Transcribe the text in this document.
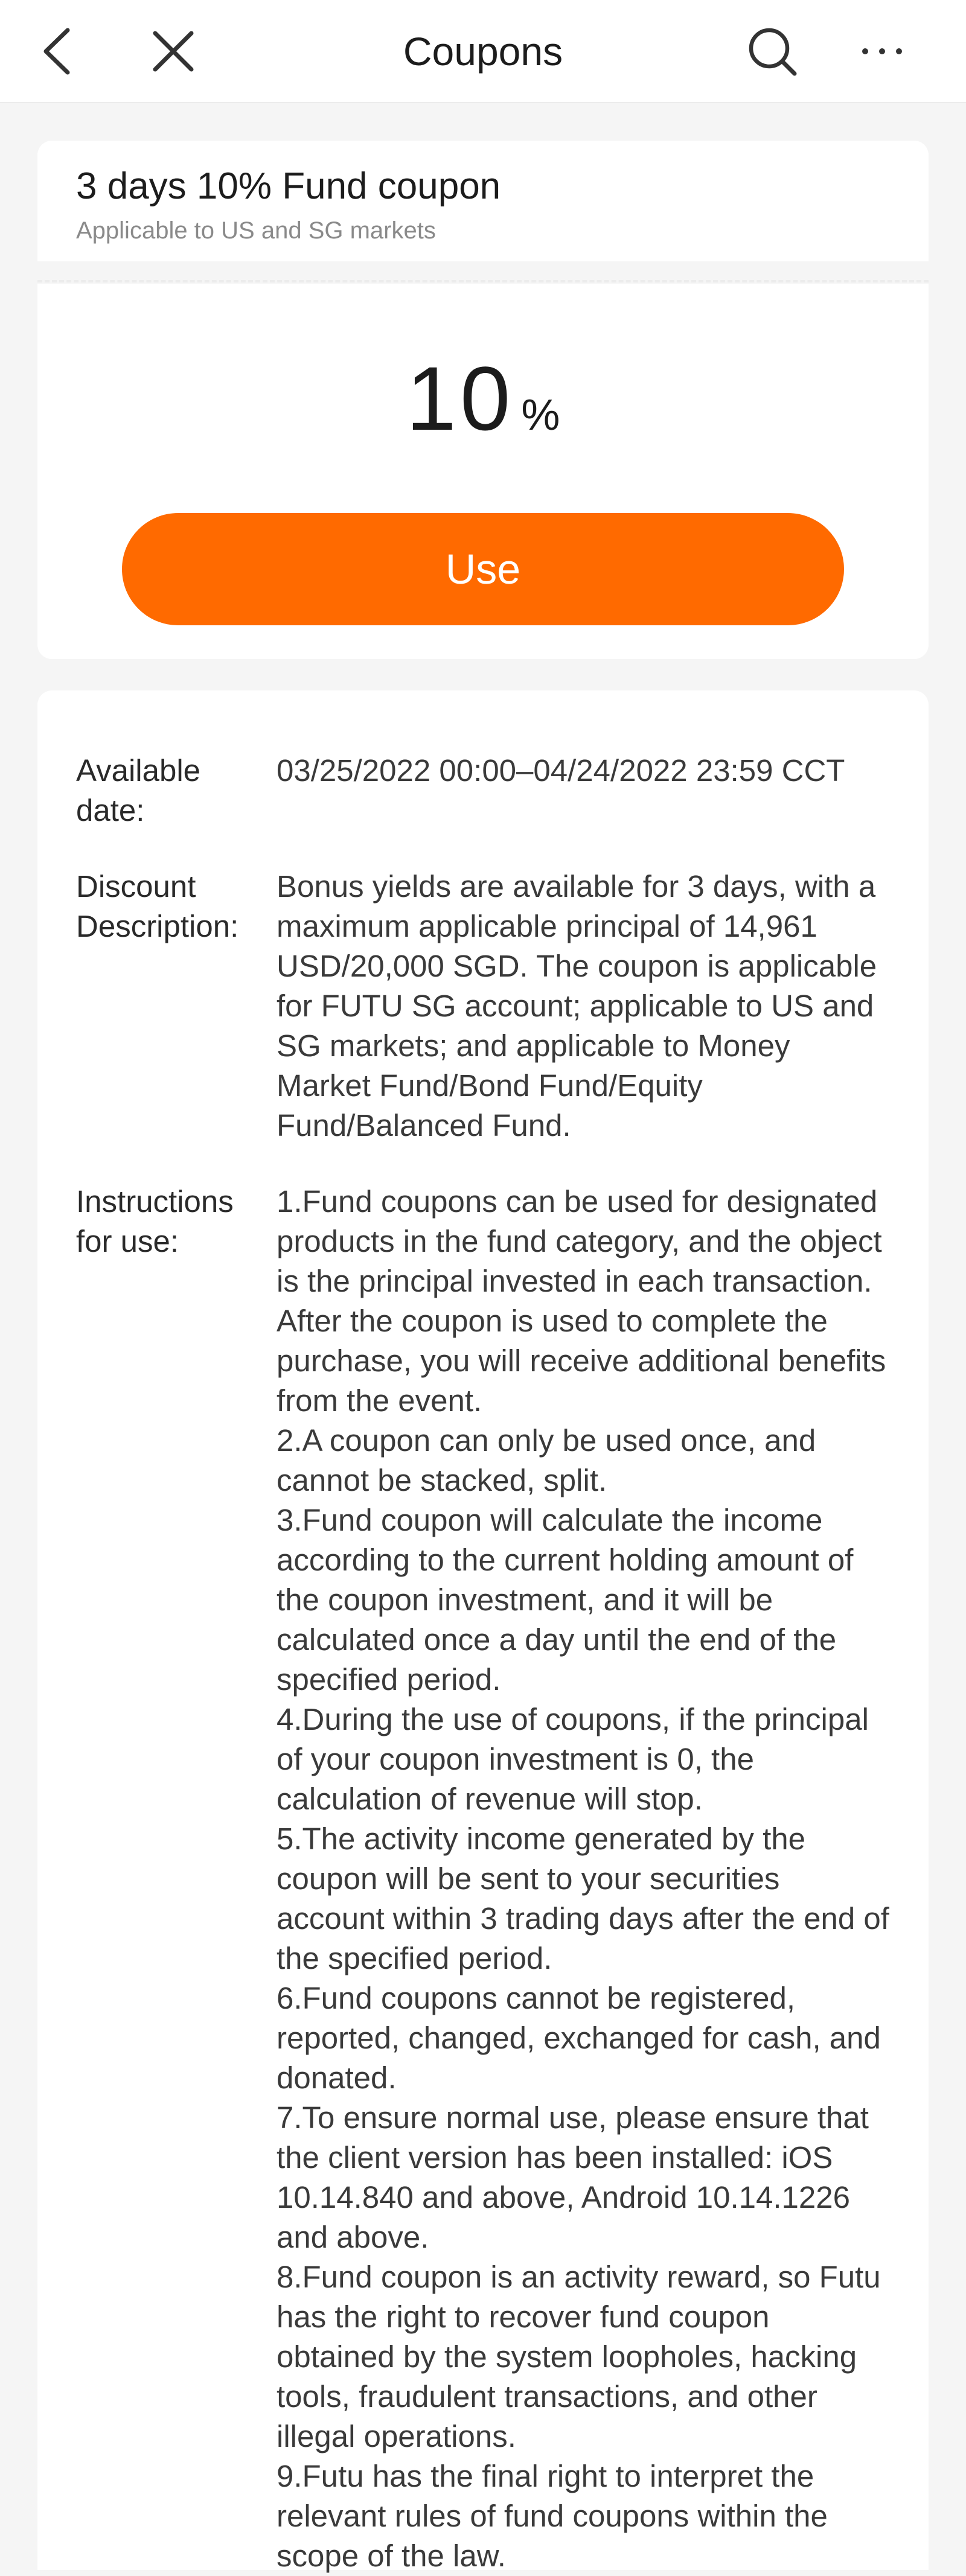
Coupons
3 days 10% Fund coupon
Applicable to US and SG markets
10 %
Use
Available date:
03/25/2022 00:00–04/24/2022 23:59 CCT
Discount Description:
Bonus yields are available for 3 days, with a maximum applicable principal of 14,961 USD/20,000 SGD. The coupon is applicable for FUTU SG account; applicable to US and SG markets; and applicable to Money Market Fund/Bond Fund/Equity Fund/Balanced Fund.
Instructions for use:
1.Fund coupons can be used for designated products in the fund category, and the object is the principal invested in each transaction. After the coupon is used to complete the purchase, you will receive additional benefits from the event.
2.A coupon can only be used once, and cannot be stacked, split.
3.Fund coupon will calculate the income according to the current holding amount of the coupon investment, and it will be calculated once a day until the end of the specified period.
4.During the use of coupons, if the principal of your coupon investment is 0, the calculation of revenue will stop.
5.The activity income generated by the coupon will be sent to your securities account within 3 trading days after the end of the specified period.
6.Fund coupons cannot be registered, reported, changed, exchanged for cash, and donated.
7.To ensure normal use, please ensure that the client version has been installed: iOS 10.14.840 and above, Android 10.14.1226 and above.
8.Fund coupon is an activity reward, so Futu has the right to recover fund coupon obtained by the system loopholes, hacking tools, fraudulent transactions, and other illegal operations.
9.Futu has the final right to interpret the relevant rules of fund coupons within the scope of the law.
